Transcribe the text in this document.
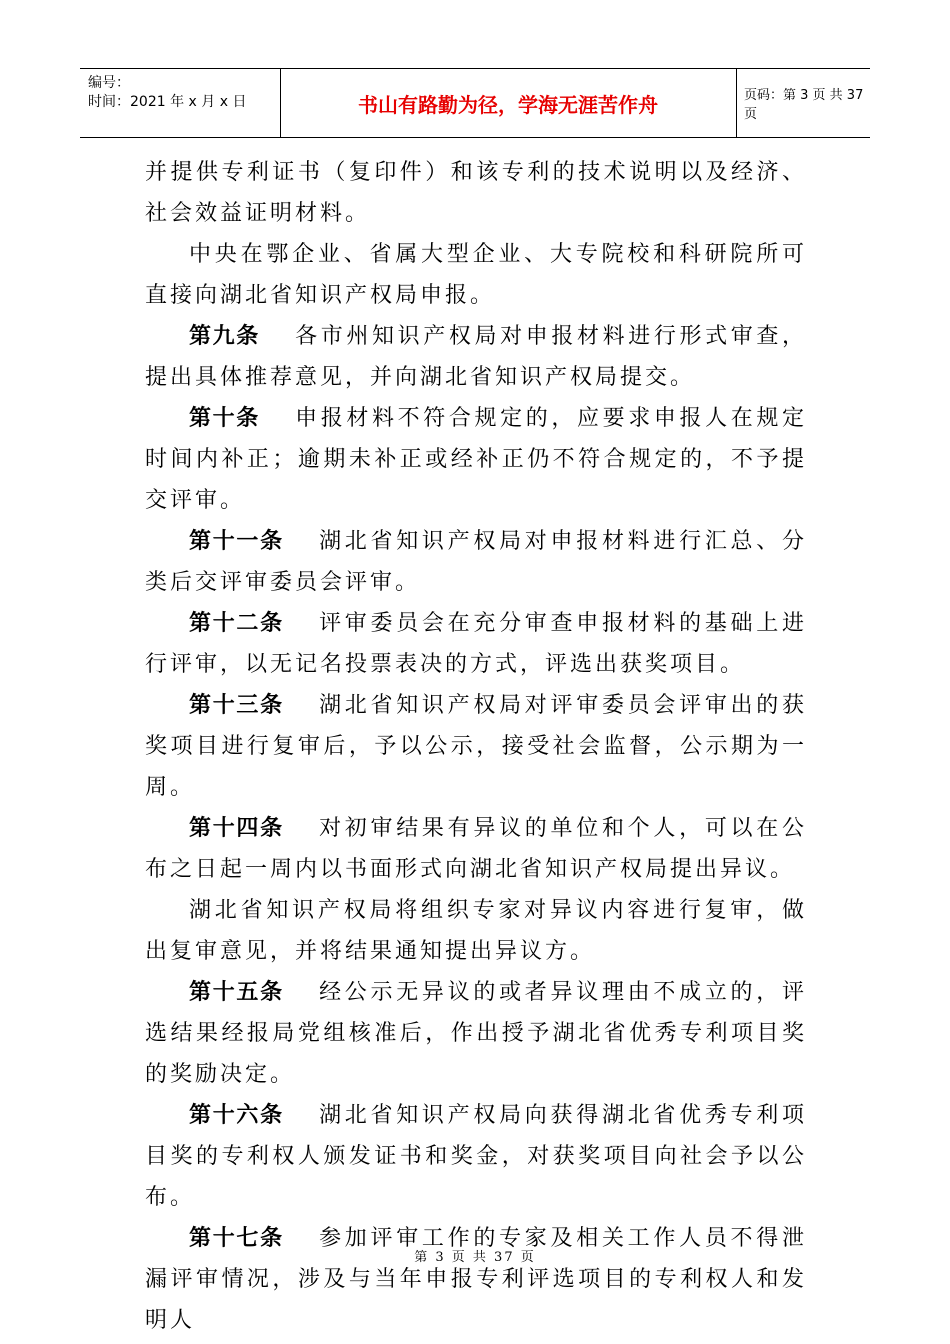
编号：
时间：2021 年 x 月 x 日	书山有路勤为径，学海无涯苦作舟	页码：第 3 页 共 37 页

并提供专利证书（复印件）和该专利的技术说明以及经济、社会效益证明材料。

中央在鄂企业、省属大型企业、大专院校和科研院所可直接向湖北省知识产权局申报。

第九条 各市州知识产权局对申报材料进行形式审查，提出具体推荐意见，并向湖北省知识产权局提交。

第十条 申报材料不符合规定的，应要求申报人在规定时间内补正；逾期未补正或经补正仍不符合规定的，不予提交评审。

第十一条 湖北省知识产权局对申报材料进行汇总、分类后交评审委员会评审。

第十二条 评审委员会在充分审查申报材料的基础上进行评审，以无记名投票表决的方式，评选出获奖项目。

第十三条 湖北省知识产权局对评审委员会评审出的获奖项目进行复审后，予以公示，接受社会监督，公示期为一周。

第十四条 对初审结果有异议的单位和个人，可以在公布之日起一周内以书面形式向湖北省知识产权局提出异议。

湖北省知识产权局将组织专家对异议内容进行复审，做出复审意见，并将结果通知提出异议方。

第十五条 经公示无异议的或者异议理由不成立的，评选结果经报局党组核准后，作出授予湖北省优秀专利项目奖的奖励决定。

第十六条 湖北省知识产权局向获得湖北省优秀专利项目奖的专利权人颁发证书和奖金，对获奖项目向社会予以公布。

第十七条 参加评审工作的专家及相关工作人员不得泄漏评审情况，涉及与当年申报专利评选项目的专利权人和发明人

第 3 页 共 37 页
